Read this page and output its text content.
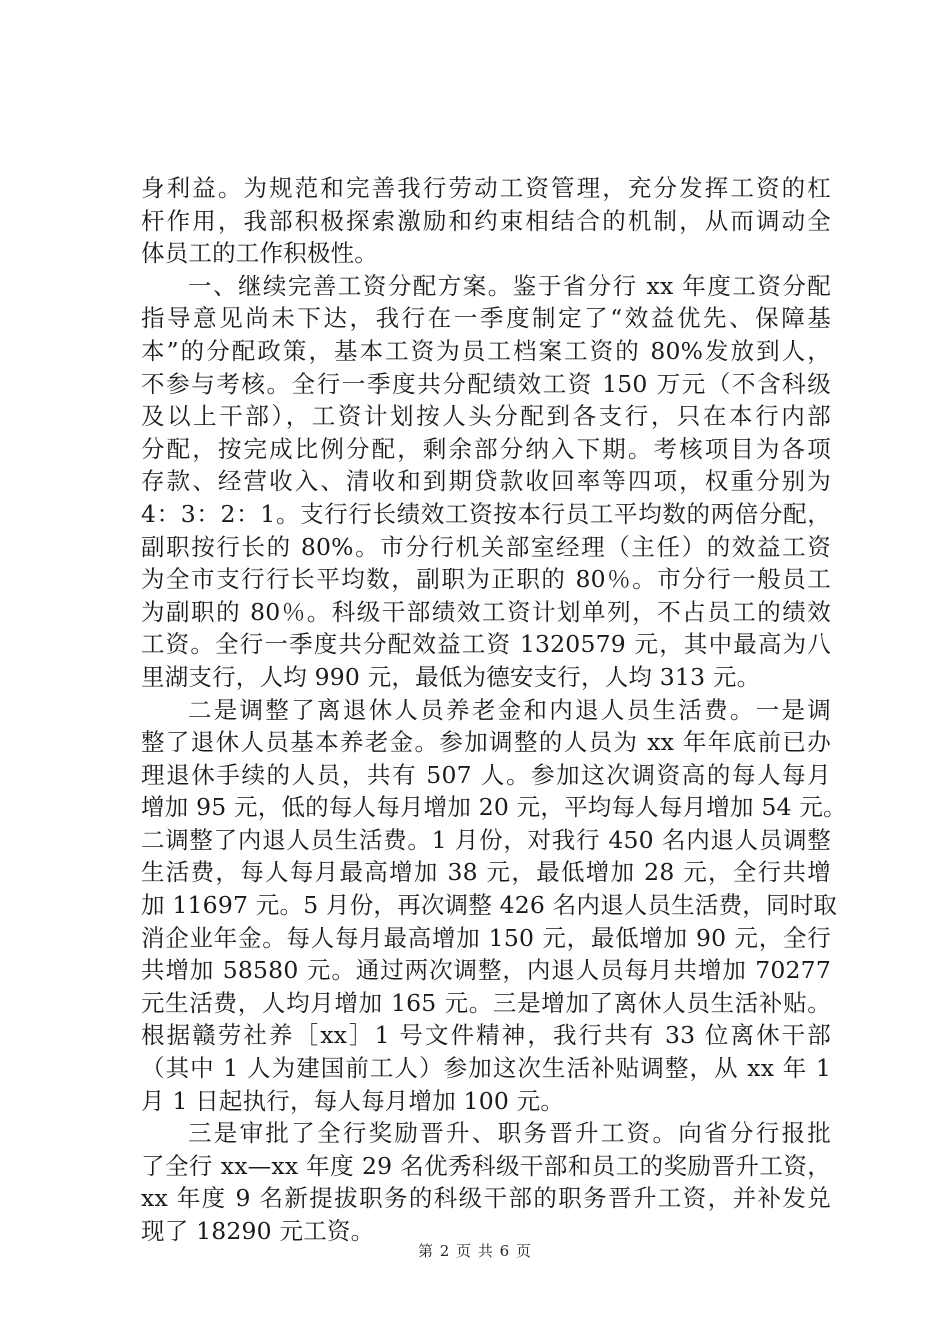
身利益。为规范和完善我行劳动工资管理，充分发挥工资的杠
杆作用，我部积极探索激励和约束相结合的机制，从而调动全
体员工的工作积极性。
一、继续完善工资分配方案。鉴于省分行 xx 年度工资分配
指导意见尚未下达，我行在一季度制定了“效益优先、保障基
本”的分配政策，基本工资为员工档案工资的 80%发放到人，
不参与考核。全行一季度共分配绩效工资 150 万元（不含科级
及以上干部），工资计划按人头分配到各支行，只在本行内部
分配，按完成比例分配，剩余部分纳入下期。考核项目为各项
存款、经营收入、清收和到期贷款收回率等四项，权重分别为
4：3：2：1。支行行长绩效工资按本行员工平均数的两倍分配，
副职按行长的 80%。市分行机关部室经理（主任）的效益工资
为全市支行行长平均数，副职为正职的 80％。市分行一般员工
为副职的 80％。科级干部绩效工资计划单列，不占员工的绩效
工资。全行一季度共分配效益工资 1320579 元，其中最高为八
里湖支行，人均 990 元，最低为德安支行，人均 313 元。
二是调整了离退休人员养老金和内退人员生活费。一是调
整了退休人员基本养老金。参加调整的人员为 xx 年年底前已办
理退休手续的人员，共有 507 人。参加这次调资高的每人每月
增加 95 元，低的每人每月增加 20 元，平均每人每月增加 54 元。
二调整了内退人员生活费。1 月份，对我行 450 名内退人员调整
生活费，每人每月最高增加 38 元，最低增加 28 元，全行共增
加 11697 元。5 月份，再次调整 426 名内退人员生活费，同时取
消企业年金。每人每月最高增加 150 元，最低增加 90 元，全行
共增加 58580 元。通过两次调整，内退人员每月共增加 70277
元生活费，人均月增加 165 元。三是增加了离休人员生活补贴。
根据赣劳社养［xx］1 号文件精神，我行共有 33 位离休干部
（其中 1 人为建国前工人）参加这次生活补贴调整，从 xx 年 1
月 1 日起执行，每人每月增加 100 元。
三是审批了全行奖励晋升、职务晋升工资。向省分行报批
了全行 xx—xx 年度 29 名优秀科级干部和员工的奖励晋升工资，
xx 年度 9 名新提拔职务的科级干部的职务晋升工资，并补发兑
现了 18290 元工资。
第 2 页 共 6 页
